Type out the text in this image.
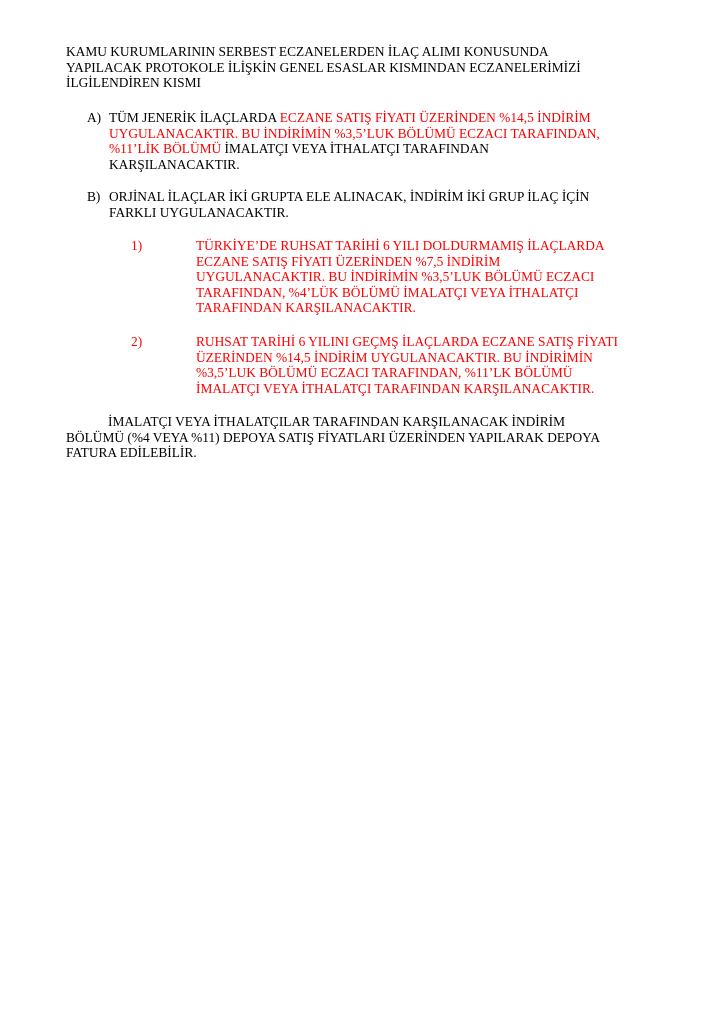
KAMU KURUMLARININ SERBEST ECZANELERDEN İLAÇ ALIMI KONUSUNDA
YAPILACAK PROTOKOLE İLİŞKİN GENEL ESASLAR KISMINDAN ECZANELERİMİZİ
İLGİLENDİREN KISMI
A) TÜM JENERİK İLAÇLARDA ECZANE SATIŞ FİYATI ÜZERİNDEN %14,5 İNDİRİM
UYGULANACAKTIR. BU İNDİRİMİN %3,5’LUK BÖLÜMÜ ECZACI TARAFINDAN,
%11’LİK BÖLÜMÜ İMALATÇI VEYA İTHALATÇI TARAFINDAN
KARŞILANACAKTIR.
B) ORJİNAL İLAÇLAR İKİ GRUPTA ELE ALINACAK, İNDİRİM İKİ GRUP İLAÇ İÇİN
FARKLI UYGULANACAKTIR.
1)	TÜRKİYE’DE RUHSAT TARİHİ 6 YILI DOLDURMAMIŞ İLAÇLARDA
ECZANE SATIŞ FİYATI ÜZERİNDEN %7,5 İNDİRİM
UYGULANACAKTIR. BU İNDİRİMİN %3,5’LUK BÖLÜMÜ ECZACI
TARAFINDAN, %4’LÜK BÖLÜMÜ İMALATÇI VEYA İTHALATÇI
TARAFINDAN KARŞILANACAKTIR.
2)	RUHSAT TARİHİ 6 YILINI GEÇMŞ İLAÇLARDA ECZANE SATIŞ FİYATI
ÜZERİNDEN %14,5 İNDİRİM UYGULANACAKTIR. BU İNDİRİMİN
%3,5’LUK BÖLÜMÜ ECZACI TARAFINDAN, %11’LK BÖLÜMÜ
İMALATÇI VEYA İTHALATÇI TARAFINDAN KARŞILANACAKTIR.
İMALATÇI VEYA İTHALATÇILAR TARAFINDAN KARŞILANACAK İNDİRİM
BÖLÜMÜ (%4 VEYA %11) DEPOYA SATIŞ FİYATLARI ÜZERİNDEN YAPILARAK DEPOYA
FATURA EDİLEBİLİR.
